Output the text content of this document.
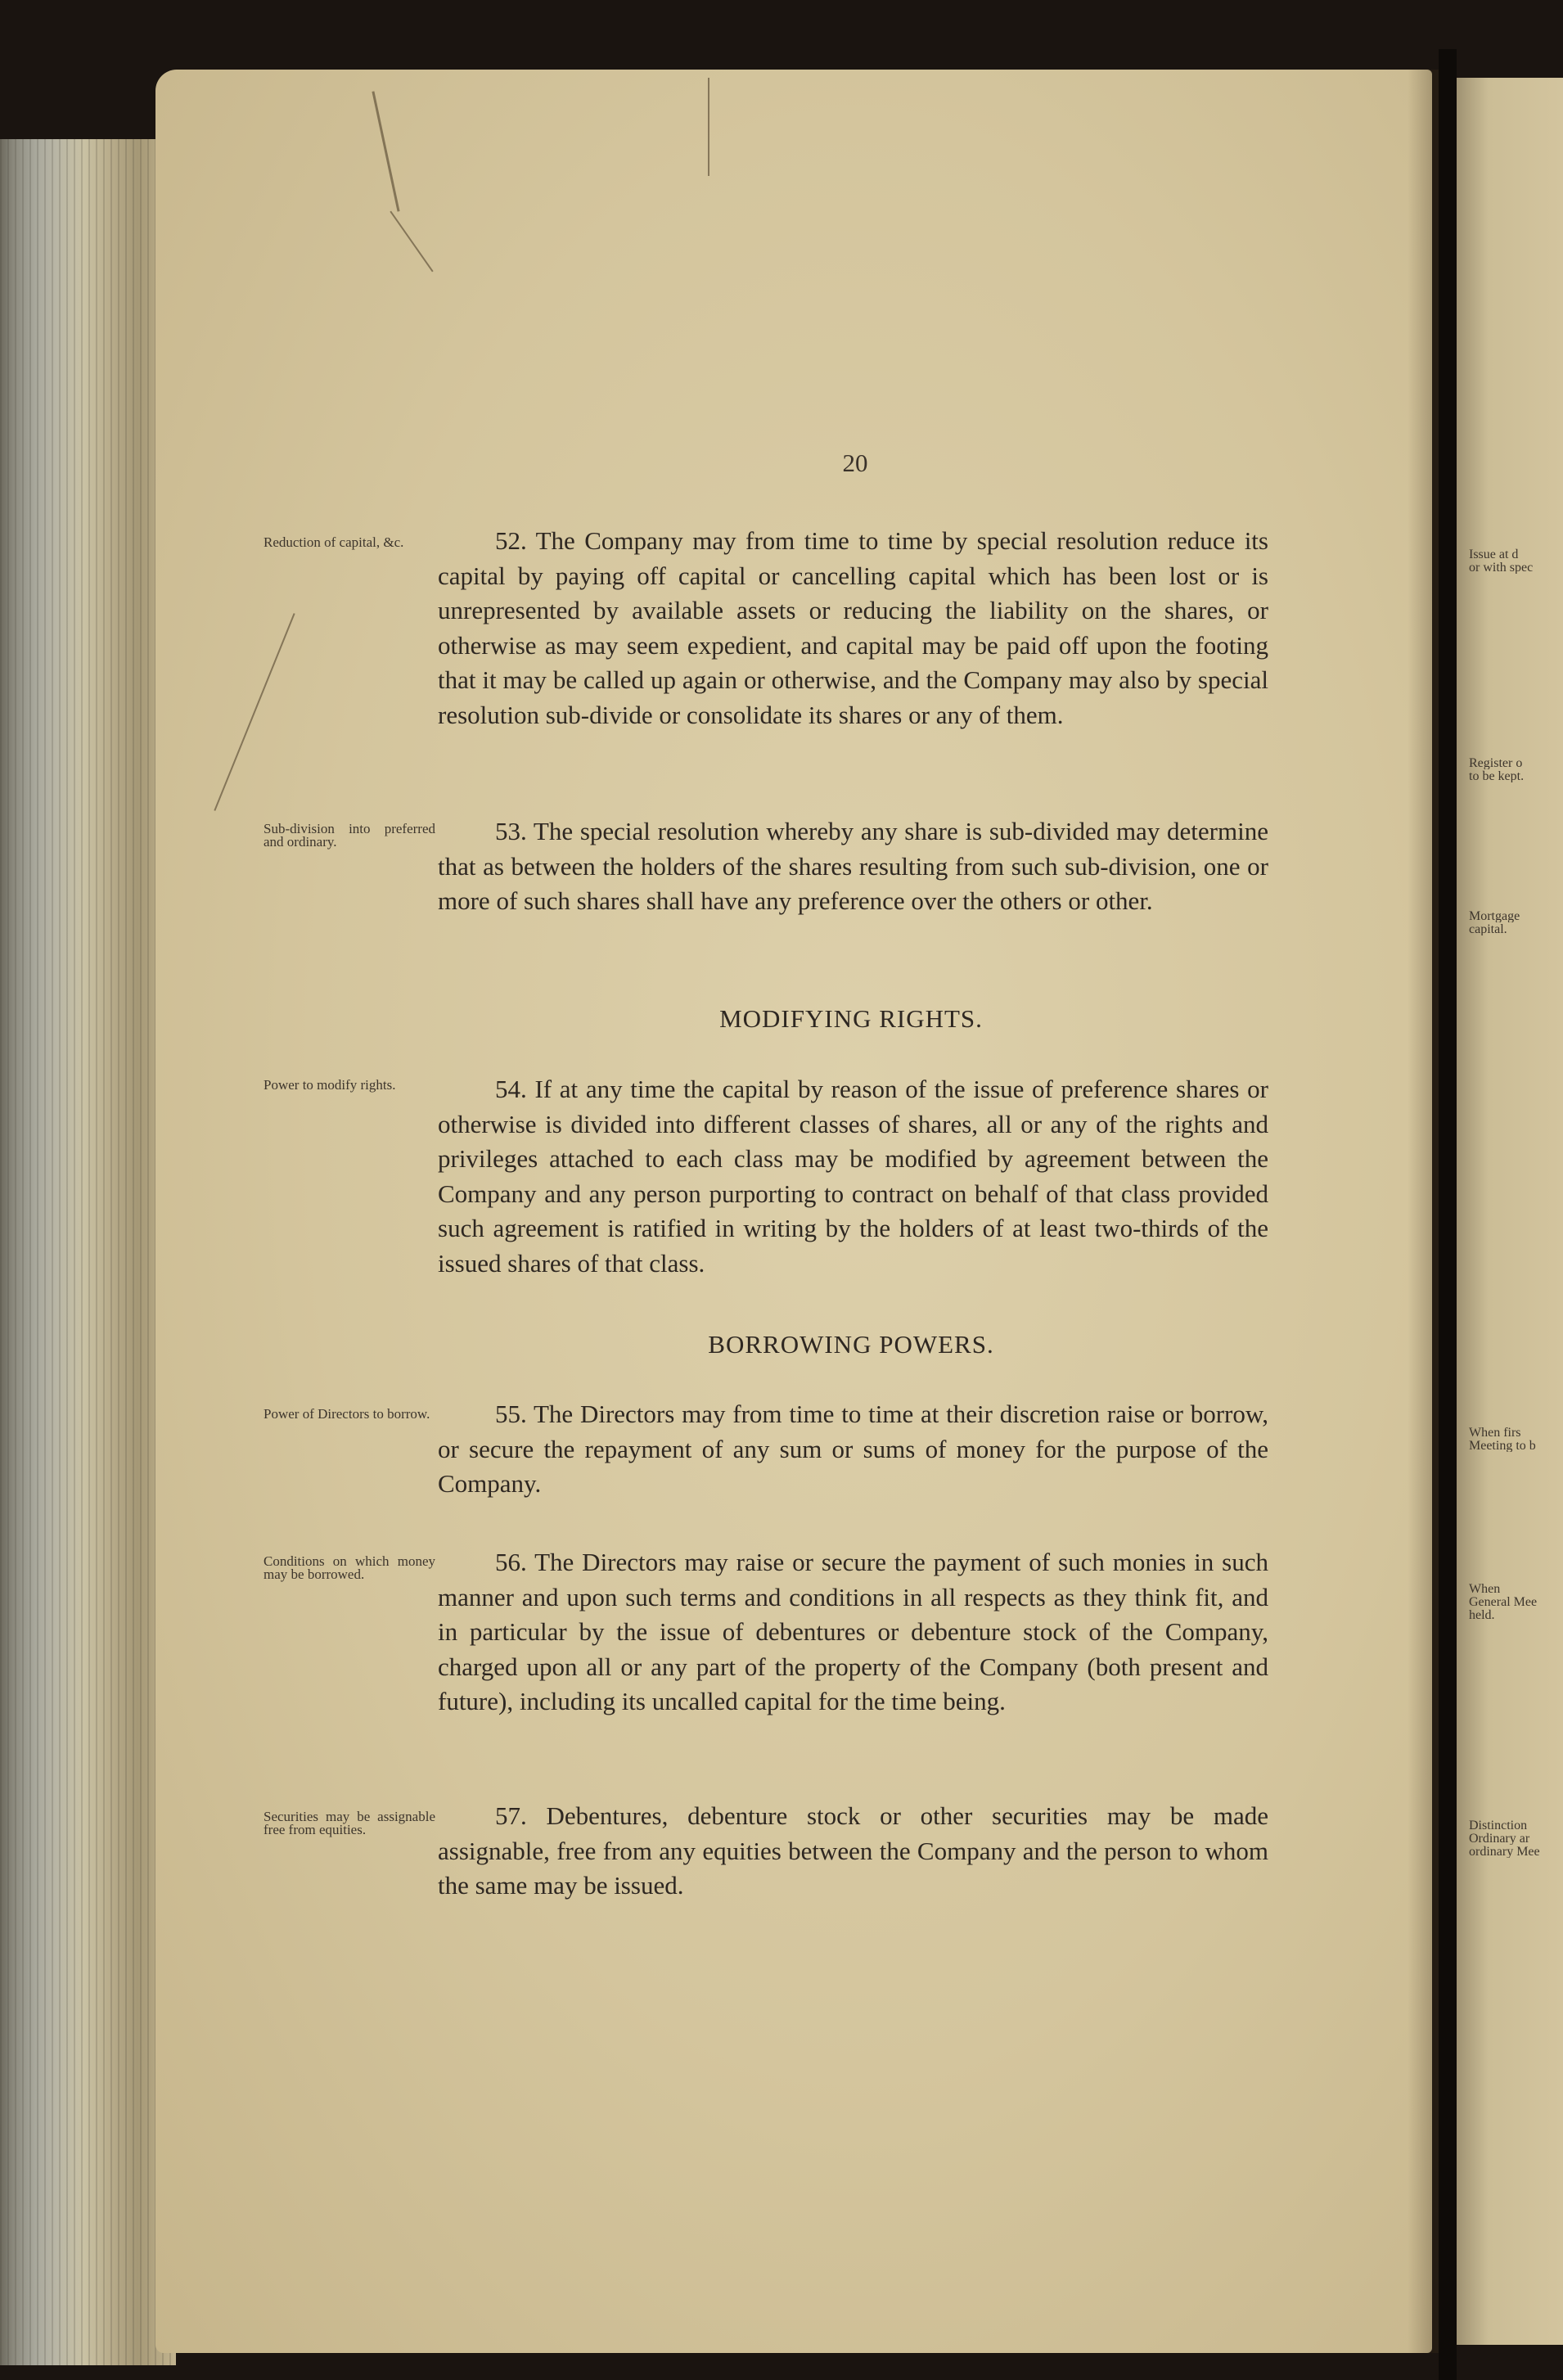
20
Reduction of capital, &c.	52. The Company may from time to time by special resolution reduce its capital by paying off capital or cancelling capital which has been lost or is unrepresented by available assets or reducing the liability on the shares, or otherwise as may seem expedient, and capital may be paid off upon the footing that it may be called up again or otherwise, and the Company may also by special resolution sub-divide or consolidate its shares or any of them.

Sub-division into preferred and ordinary.	53. The special resolution whereby any share is sub-divided may determine that as between the holders of the shares resulting from such sub-division, one or more of such shares shall have any preference over the others or other.

MODIFYING RIGHTS.
Power to modify rights.	54. If at any time the capital by reason of the issue of preference shares or otherwise is divided into different classes of shares, all or any of the rights and privileges attached to each class may be modified by agreement between the Company and any person purporting to contract on behalf of that class provided such agreement is ratified in writing by the holders of at least two-thirds of the issued shares of that class.

BORROWING POWERS.
Power of Directors to borrow.	55. The Directors may from time to time at their discretion raise or borrow, or secure the repayment of any sum or sums of money for the purpose of the Company.

Conditions on which money may be borrowed.	56. The Directors may raise or secure the payment of such monies in such manner and upon such terms and conditions in all respects as they think fit, and in particular by the issue of debentures or debenture stock of the Company, charged upon all or any part of the property of the Company (both present and future), including its uncalled capital for the time being.

Securities may be assignable free from equities.	57. Debentures, debenture stock or other securities may be made assignable, free from any equities between the Company and the person to whom the same may be issued.

Issue at d
or with spec
Register o
to be kept.
Mortgage
capital.
When firs
Meeting to b
When
General Mee
held.
Distinction
Ordinary ar
ordinary Mee
